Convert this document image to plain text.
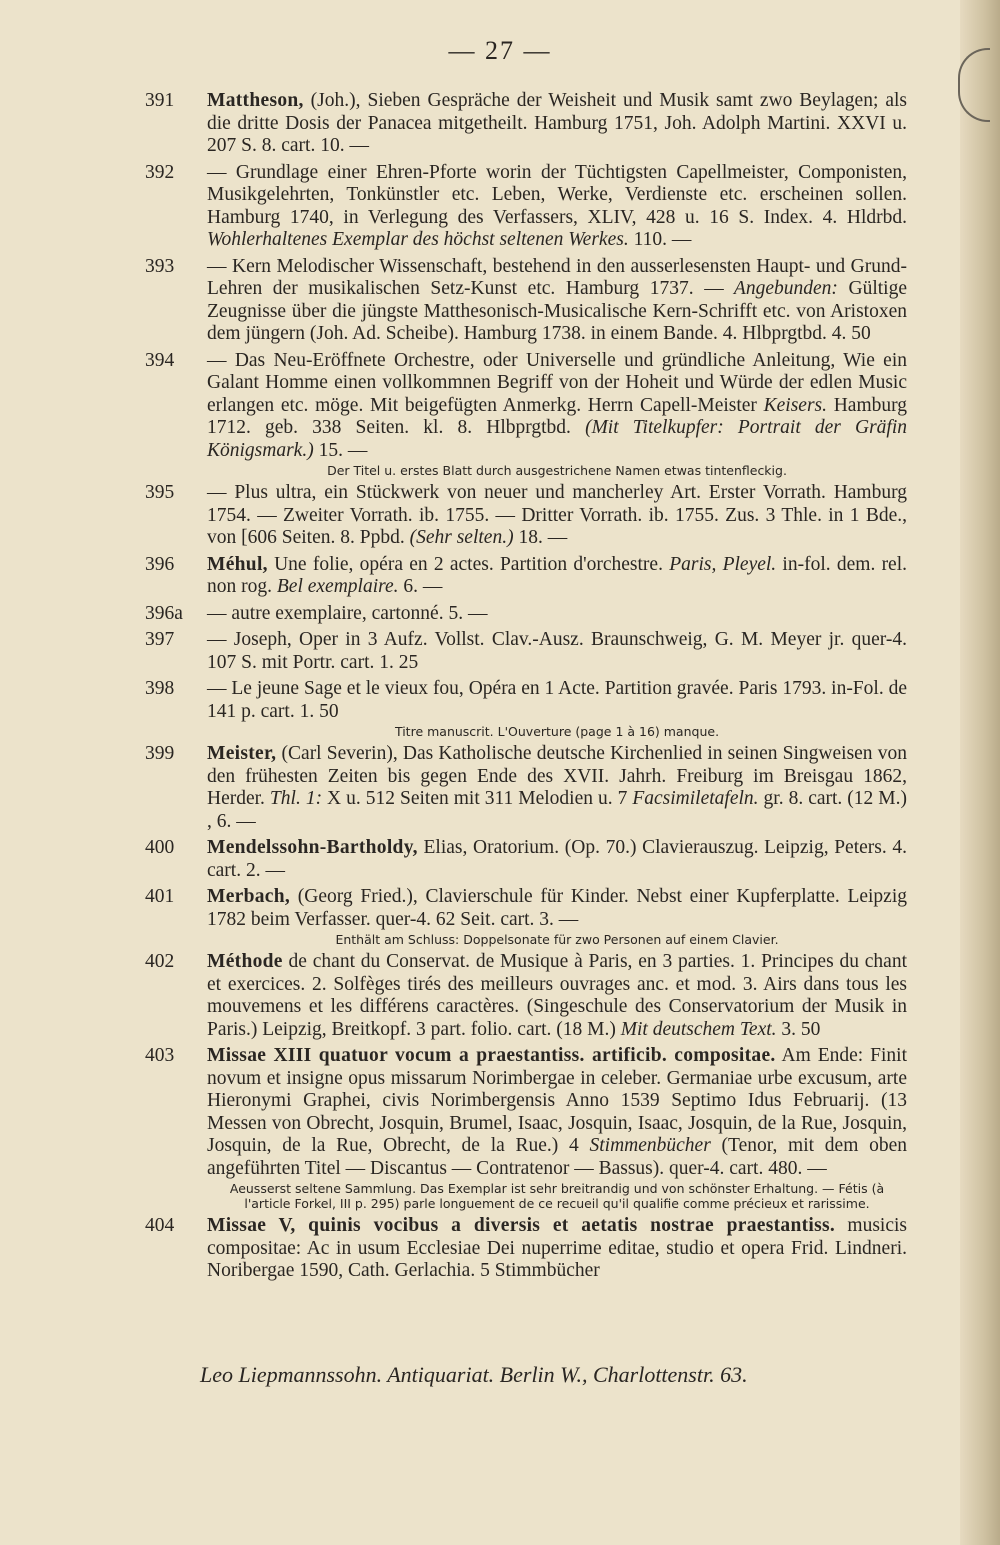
— 27 —
391 Mattheson, (Joh.), Sieben Gespräche der Weisheit und Musik samt zwo Beylagen; als die dritte Dosis der Panacea mitgetheilt. Hamburg 1751, Joh. Adolph Martini. XXVI u. 207 S. 8. cart. 10. —
392 — Grundlage einer Ehren-Pforte worin der Tüchtigsten Capellmeister, Componisten, Musikgelehrten, Tonkünstler etc. Leben, Werke, Verdienste etc. erscheinen sollen. Hamburg 1740, in Verlegung des Verfassers, XLIV, 428 u. 16 S. Index. 4. Hldrbd. Wohlerhaltenes Exemplar des höchst seltenen Werkes. 110. —
393 — Kern Melodischer Wissenschaft, bestehend in den ausserlesensten Haupt- und Grund-Lehren der musikalischen Setz-Kunst etc. Hamburg 1737. — Angebunden: Gültige Zeugnisse über die jüngste Matthesonisch-Musicalische Kern-Schrifft etc. von Aristoxen dem jüngern (Joh. Ad. Scheibe). Hamburg 1738. in einem Bande. 4. Hlbprgtbd. 4. 50
394 — Das Neu-Eröffnete Orchestre, oder Universelle und gründliche Anleitung, Wie ein Galant Homme einen vollkommnen Begriff von der Hoheit und Würde der edlen Music erlangen etc. möge. Mit beigefügten Anmerkg. Herrn Capell-Meister Keisers. Hamburg 1712. geb. 338 Seiten. kl. 8. Hlbprgtbd. (Mit Titelkupfer: Portrait der Gräfin Königsmark.) 15. —
Der Titel u. erstes Blatt durch ausgestrichene Namen etwas tintenfleckig.
395 — Plus ultra, ein Stückwerk von neuer und mancherley Art. Erster Vorrath. Hamburg 1754. — Zweiter Vorrath. ib. 1755. — Dritter Vorrath. ib. 1755. Zus. 3 Thle. in 1 Bde., von [606 Seiten. 8. Ppbd. (Sehr selten.) 18. —
396 Méhul, Une folie, opéra en 2 actes. Partition d'orchestre. Paris, Pleyel. in-fol. dem. rel. non rog. Bel exemplaire. 6. —
396a — autre exemplaire, cartonné. 5. —
397 — Joseph, Oper in 3 Aufz. Vollst. Clav.-Ausz. Braunschweig, G. M. Meyer jr. quer-4. 107 S. mit Portr. cart. 1. 25
398 — Le jeune Sage et le vieux fou, Opéra en 1 Acte. Partition gravée. Paris 1793. in-Fol. de 141 p. cart. 1. 50
Titre manuscrit. L'Ouverture (page 1 à 16) manque.
399 Meister, (Carl Severin), Das Katholische deutsche Kirchenlied in seinen Singweisen von den frühesten Zeiten bis gegen Ende des XVII. Jahrh. Freiburg im Breisgau 1862, Herder. Thl. 1: X u. 512 Seiten mit 311 Melodien u. 7 Facsimiletafeln. gr. 8. cart. (12 M.) , 6. —
400 Mendelssohn-Bartholdy, Elias, Oratorium. (Op. 70.) Clavierauszug. Leipzig, Peters. 4. cart. 2. —
401 Merbach, (Georg Fried.), Clavierschule für Kinder. Nebst einer Kupferplatte. Leipzig 1782 beim Verfasser. quer-4. 62 Seit. cart. 3. —
Enthält am Schluss: Doppelsonate für zwo Personen auf einem Clavier.
402 Méthode de chant du Conservat. de Musique à Paris, en 3 parties. 1. Principes du chant et exercices. 2. Solfèges tirés des meilleurs ouvrages anc. et mod. 3. Airs dans tous les mouvemens et les différens caractères. (Singeschule des Conservatorium der Musik in Paris.) Leipzig, Breitkopf. 3 part. folio. cart. (18 M.) Mit deutschem Text. 3. 50
403 Missae XIII quatuor vocum a praestantiss. artificib. compositae. Am Ende: Finit novum et insigne opus missarum Norimbergae in celeber. Germaniae urbe excusum, arte Hieronymi Graphei, civis Norimbergensis Anno 1539 Septimo Idus Februarij. (13 Messen von Obrecht, Josquin, Brumel, Isaac, Josquin, Isaac, Josquin, de la Rue, Josquin, Josquin, de la Rue, Obrecht, de la Rue.) 4 Stimmenbücher (Tenor, mit dem oben angeführten Titel — Discantus — Contratenor — Bassus). quer-4. cart. 480. —
Aeusserst seltene Sammlung. Das Exemplar ist sehr breitrandig und von schönster Erhaltung. — Fétis (à l'article Forkel, III p. 295) parle longuement de ce recueil qu'il qualifie comme précieux et rarissime.
404 Missae V, quinis vocibus a diversis et aetatis nostrae praestantiss. musicis compositae: Ac in usum Ecclesiae Dei nuperrime editae, studio et opera Frid. Lindneri. Noribergae 1590, Cath. Gerlachia. 5 Stimmbücher
Leo Liepmannssohn. Antiquariat. Berlin W., Charlottenstr. 63.
